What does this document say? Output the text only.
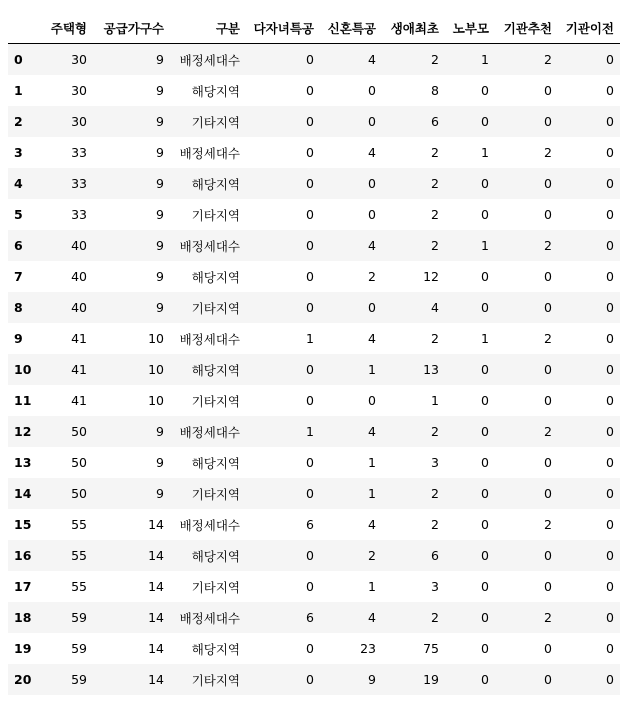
	주택형	공급가구수	구분	다자녀특공	신혼특공	생애최초	노부모	기관추천	기관이전
0	30	9	배정세대수	0	4	2	1	2	0
1	30	9	해당지역	0	0	8	0	0	0
2	30	9	기타지역	0	0	6	0	0	0
3	33	9	배정세대수	0	4	2	1	2	0
4	33	9	해당지역	0	0	2	0	0	0
5	33	9	기타지역	0	0	2	0	0	0
6	40	9	배정세대수	0	4	2	1	2	0
7	40	9	해당지역	0	2	12	0	0	0
8	40	9	기타지역	0	0	4	0	0	0
9	41	10	배정세대수	1	4	2	1	2	0
10	41	10	해당지역	0	1	13	0	0	0
11	41	10	기타지역	0	0	1	0	0	0
12	50	9	배정세대수	1	4	2	0	2	0
13	50	9	해당지역	0	1	3	0	0	0
14	50	9	기타지역	0	1	2	0	0	0
15	55	14	배정세대수	6	4	2	0	2	0
16	55	14	해당지역	0	2	6	0	0	0
17	55	14	기타지역	0	1	3	0	0	0
18	59	14	배정세대수	6	4	2	0	2	0
19	59	14	해당지역	0	23	75	0	0	0
20	59	14	기타지역	0	9	19	0	0	0
